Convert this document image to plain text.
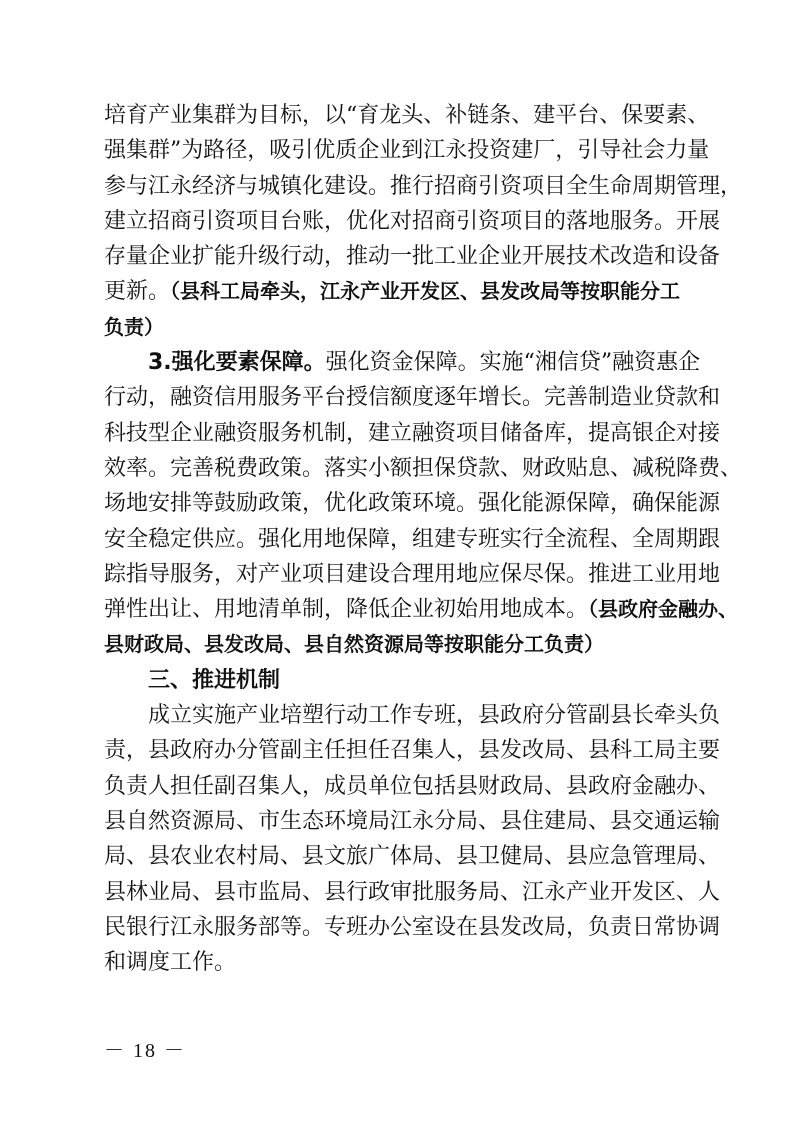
培育产业集群为目标，以“育龙头、补链条、建平台、保要素、
强集群”为路径，吸引优质企业到江永投资建厂，引导社会力量
参与江永经济与城镇化建设。推行招商引资项目全生命周期管理，
建立招商引资项目台账，优化对招商引资项目的落地服务。开展
存量企业扩能升级行动，推动一批工业企业开展技术改造和设备
更新。（县科工局牵头，江永产业开发区、县发改局等按职能分工
负责）
3.强化要素保障。强化资金保障。实施“湘信贷”融资惠企
行动，融资信用服务平台授信额度逐年增长。完善制造业贷款和
科技型企业融资服务机制，建立融资项目储备库，提高银企对接
效率。完善税费政策。落实小额担保贷款、财政贴息、减税降费、
场地安排等鼓励政策，优化政策环境。强化能源保障，确保能源
安全稳定供应。强化用地保障，组建专班实行全流程、全周期跟
踪指导服务，对产业项目建设合理用地应保尽保。推进工业用地
弹性出让、用地清单制，降低企业初始用地成本。（县政府金融办、
县财政局、县发改局、县自然资源局等按职能分工负责）
三、推进机制
成立实施产业培塑行动工作专班，县政府分管副县长牵头负
责，县政府办分管副主任担任召集人，县发改局、县科工局主要
负责人担任副召集人，成员单位包括县财政局、县政府金融办、
县自然资源局、市生态环境局江永分局、县住建局、县交通运输
局、县农业农村局、县文旅广体局、县卫健局、县应急管理局、
县林业局、县市监局、县行政审批服务局、江永产业开发区、人
民银行江永服务部等。专班办公室设在县发改局，负责日常协调
和调度工作。
－ 18 －
